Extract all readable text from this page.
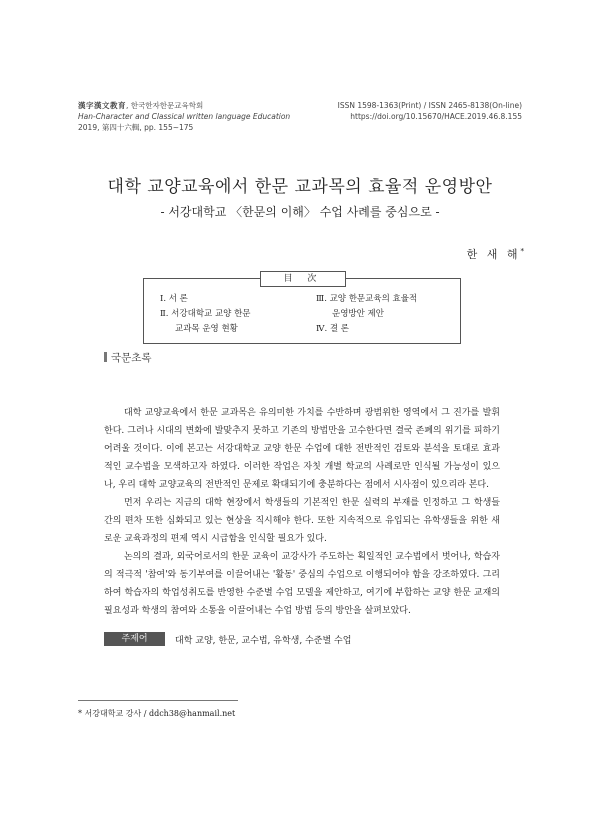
漢字漢文教育, 한국한자한문교육학회
Han-Character and Classical written language Education
2019, 第四十六輯, pp. 155~175
ISSN 1598-1363(Print) / ISSN 2465-8138(On-line)
https://doi.org/10.15670/HACE.2019.46.8.155
대학 교양교육에서 한문 교과목의 효율적 운영방안
- 서강대학교 〈한문의 이해〉 수업 사례를 중심으로 -
한 새 해*
目 次
Ⅰ. 서 론
Ⅱ. 서강대학교 교양 한문
교과목 운영 현황
Ⅲ. 교양 한문교육의 효율적
운영방안 제안
Ⅳ. 결 론
국문초록

대학 교양교육에서 한문 교과목은 유의미한 가치를 수반하며 광범위한 영역에서 그 진가를 발휘한다. 그러나 시대의 변화에 발맞추지 못하고 기존의 방법만을 고수한다면 결국 존폐의 위기를 피하기 어려울 것이다. 이에 본고는 서강대학교 교양 한문 수업에 대한 전반적인 검토와 분석을 토대로 효과적인 교수법을 모색하고자 하였다. 이러한 작업은 자칫 개별 학교의 사례로만 인식될 가능성이 있으나, 우리 대학 교양교육의 전반적인 문제로 확대되기에 충분하다는 점에서 시사점이 있으리라 본다.

먼저 우리는 지금의 대학 현장에서 학생들의 기본적인 한문 실력의 부재를 인정하고 그 학생들 간의 편차 또한 심화되고 있는 현상을 직시해야 한다. 또한 지속적으로 유입되는 유학생들을 위한 새로운 교육과정의 편제 역시 시급함을 인식할 필요가 있다.

논의의 결과, 외국어로서의 한문 교육이 교강사가 주도하는 획일적인 교수법에서 벗어나, 학습자의 적극적 '참여'와 동기부여를 이끌어내는 '활동' 중심의 수업으로 이행되어야 함을 강조하였다. 그리하여 학습자의 학업성취도를 반영한 수준별 수업 모델을 제안하고, 여기에 부합하는 교양 한문 교재의 필요성과 학생의 참여와 소통을 이끌어내는 수업 방법 등의 방안을 살펴보았다.

주제어	대학 교양, 한문, 교수법, 유학생, 수준별 수업
* 서강대학교 강사 / ddch38@hanmail.net
